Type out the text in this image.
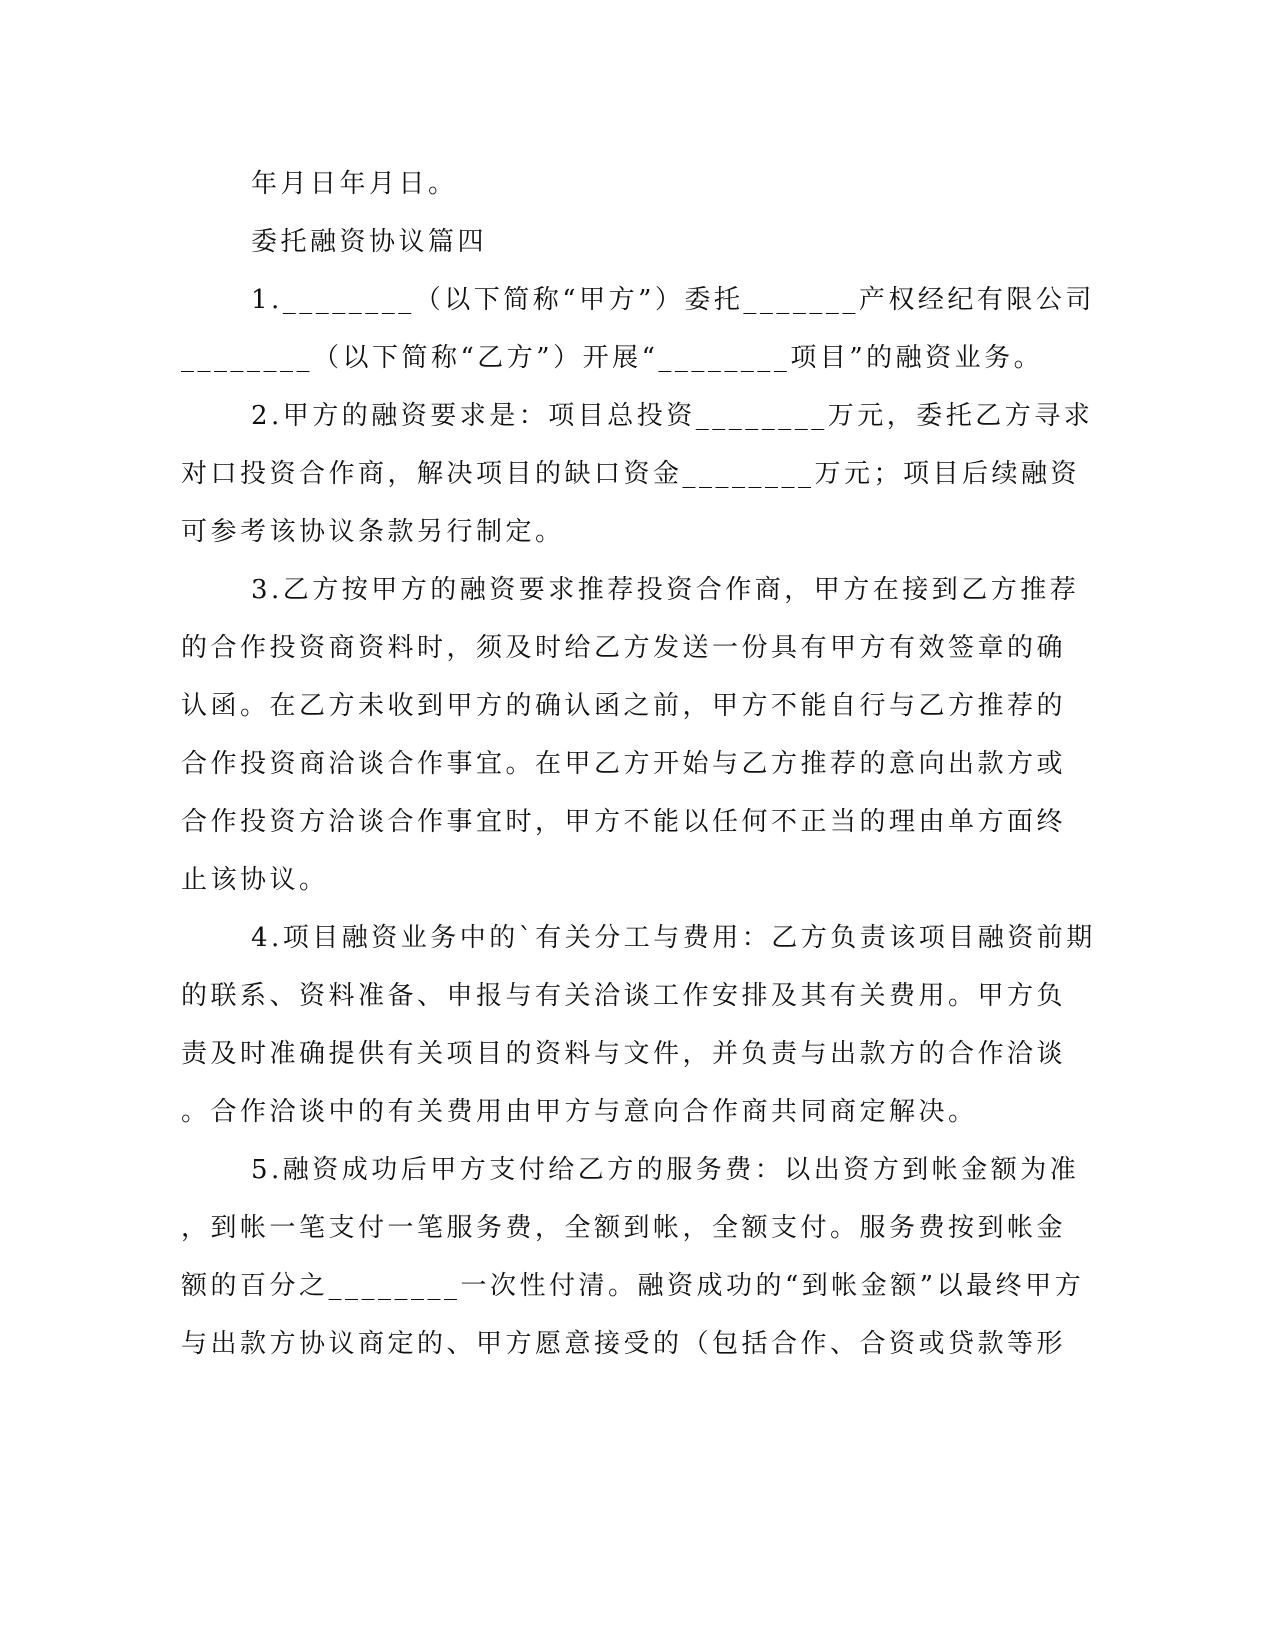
年月日年月日。
委托融资协议篇四
1.________（以下简称“甲方”）委托_______产权经纪有限公司
________（以下简称“乙方”）开展“________项目”的融资业务。
2.甲方的融资要求是：项目总投资________万元，委托乙方寻求
对口投资合作商，解决项目的缺口资金________万元；项目后续融资
可参考该协议条款另行制定。
3.乙方按甲方的融资要求推荐投资合作商，甲方在接到乙方推荐
的合作投资商资料时，须及时给乙方发送一份具有甲方有效签章的确
认函。在乙方未收到甲方的确认函之前，甲方不能自行与乙方推荐的
合作投资商洽谈合作事宜。在甲乙方开始与乙方推荐的意向出款方或
合作投资方洽谈合作事宜时，甲方不能以任何不正当的理由单方面终
止该协议。
4.项目融资业务中的`有关分工与费用：乙方负责该项目融资前期
的联系、资料准备、申报与有关洽谈工作安排及其有关费用。甲方负
责及时准确提供有关项目的资料与文件，并负责与出款方的合作洽谈
。合作洽谈中的有关费用由甲方与意向合作商共同商定解决。
5.融资成功后甲方支付给乙方的服务费：以出资方到帐金额为准
，到帐一笔支付一笔服务费，全额到帐，全额支付。服务费按到帐金
额的百分之________一次性付清。融资成功的“到帐金额”以最终甲方
与出款方协议商定的、甲方愿意接受的（包括合作、合资或贷款等形
